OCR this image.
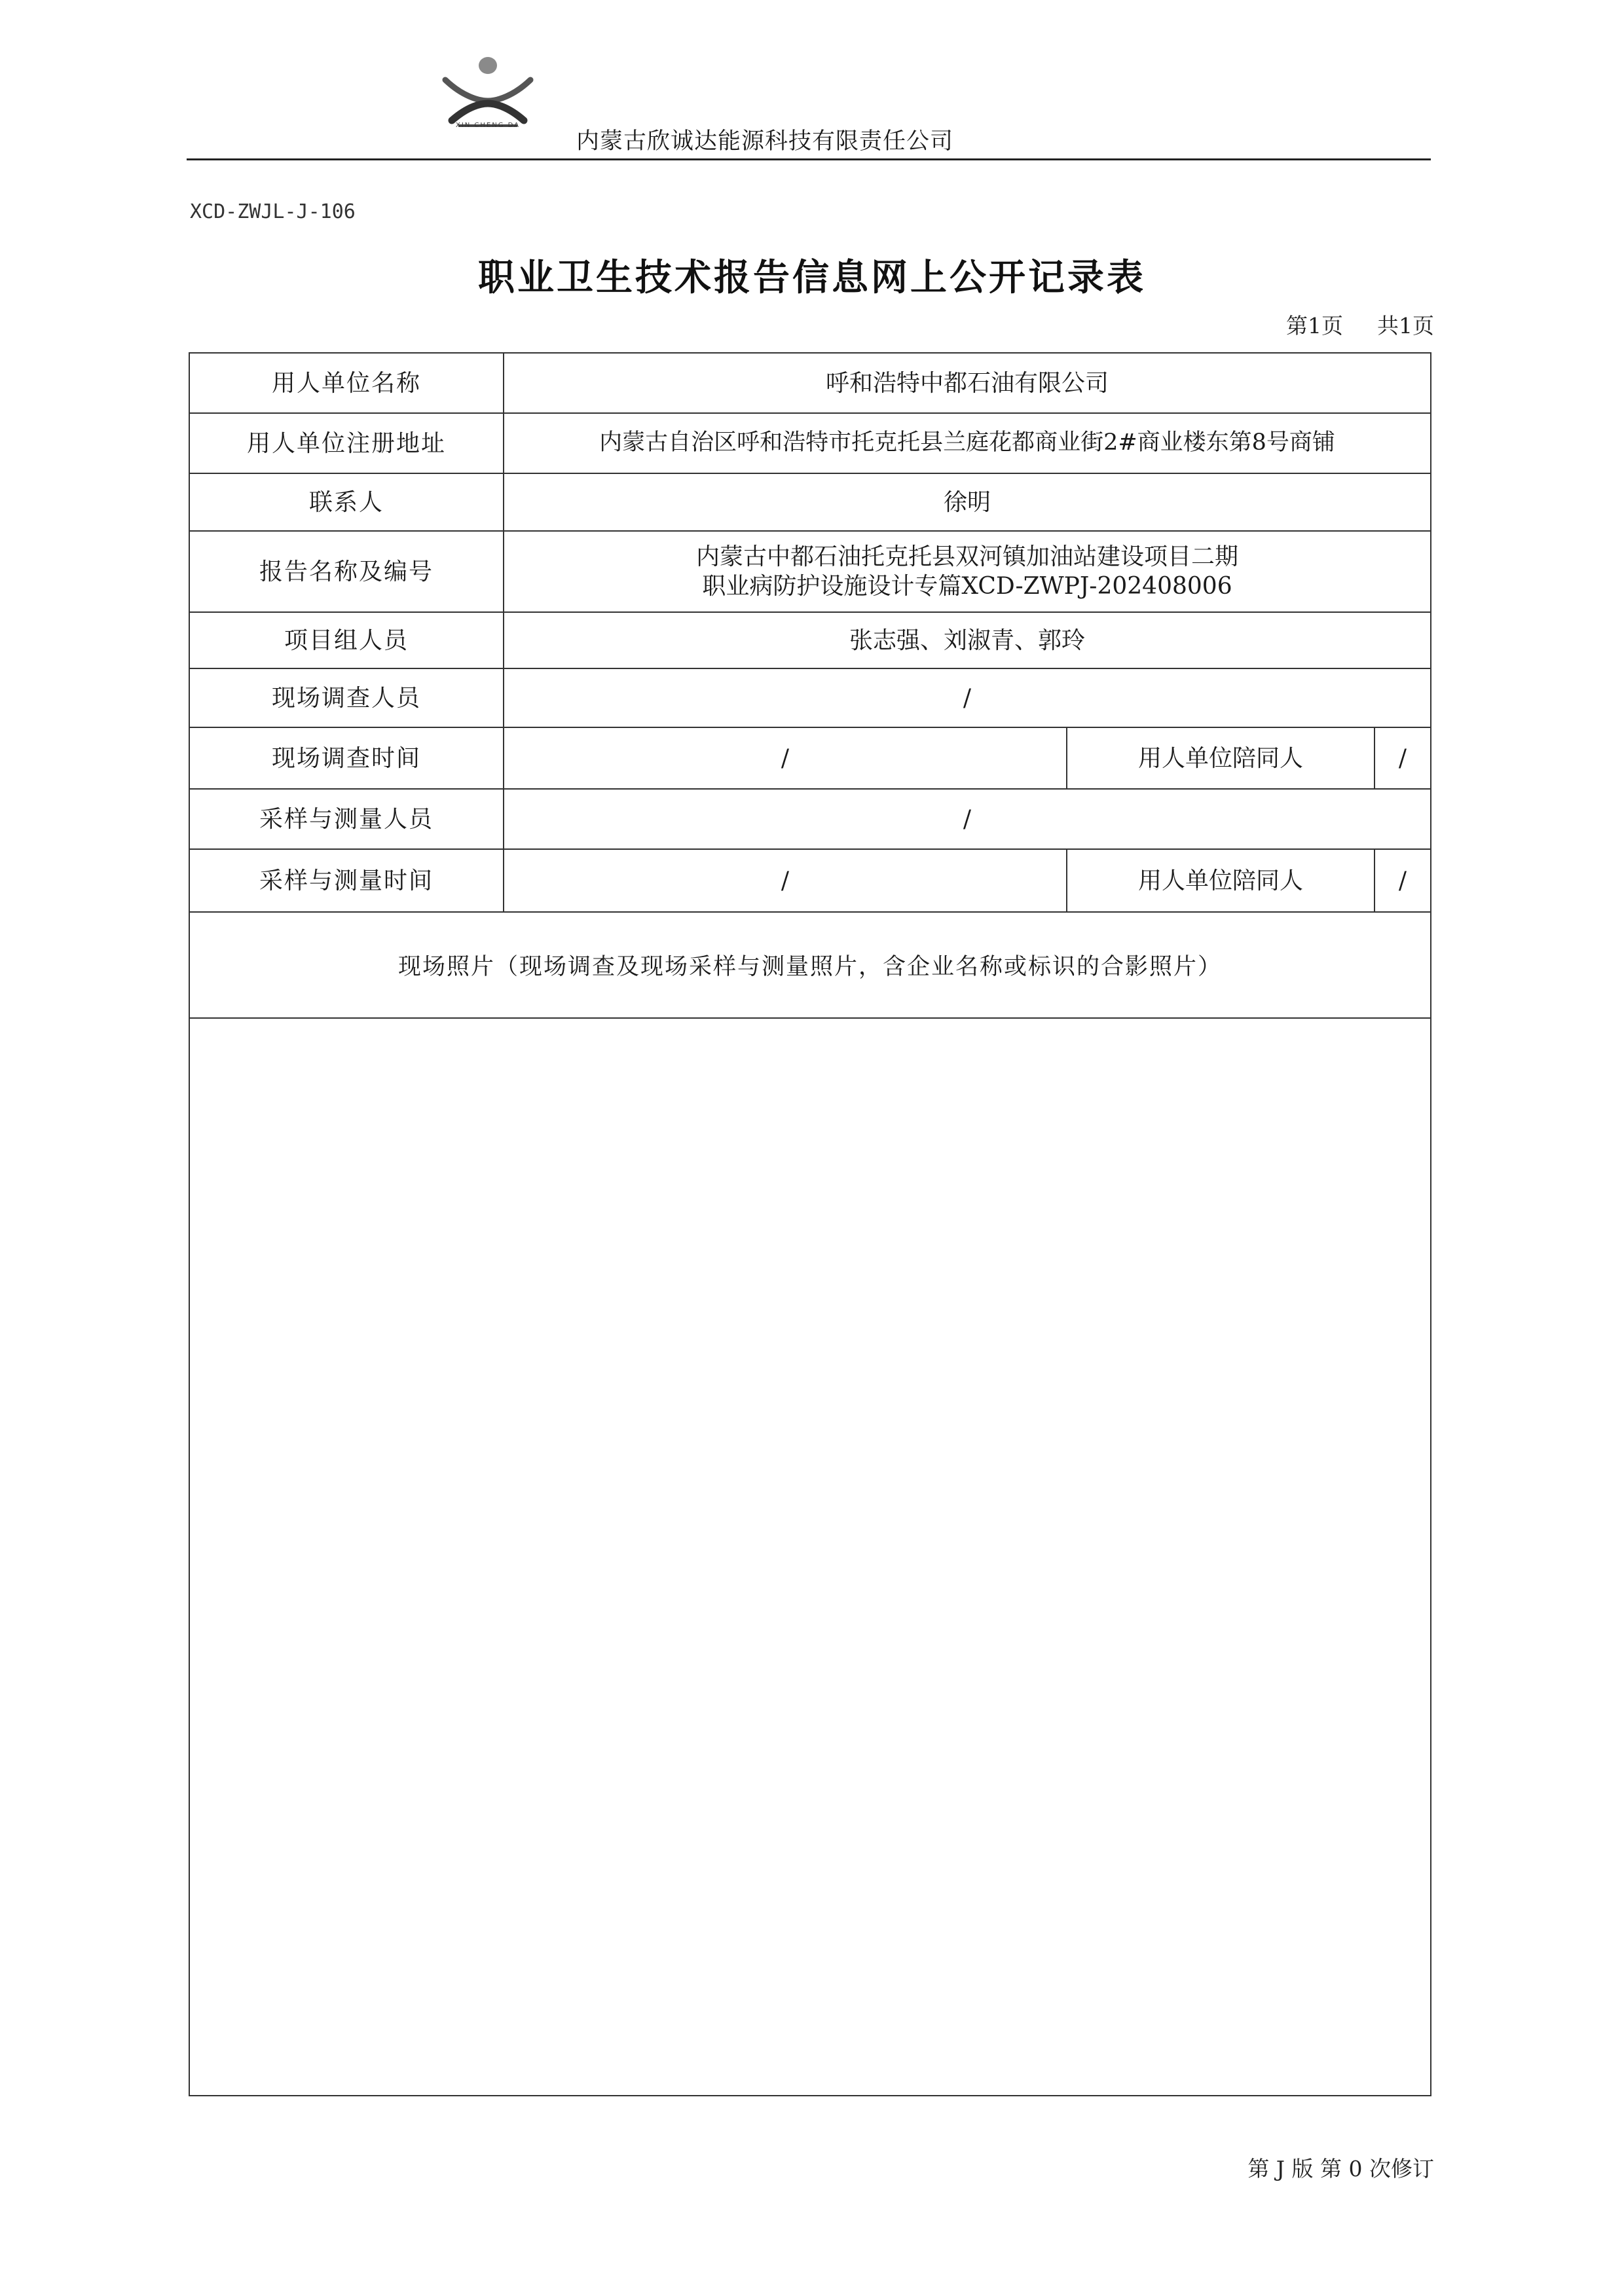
XIN CHENG DA
内蒙古欣诚达能源科技有限责任公司
XCD-ZWJL-J-106
职业卫生技术报告信息网上公开记录表
第1页 共1页
用人单位名称	呼和浩特中都石油有限公司
用人单位注册地址	内蒙古自治区呼和浩特市托克托县兰庭花都商业街2#商业楼东第8号商铺
联系人	徐明
报告名称及编号
内蒙古中都石油托克托县双河镇加油站建设项目二期
职业病防护设施设计专篇XCD-ZWPJ-202408006
项目组人员	张志强、刘淑青、郭玲
现场调查人员	/
现场调查时间	/	用人单位陪同人	/
采样与测量人员	/
采样与测量时间	/	用人单位陪同人	/
现场照片（现场调查及现场采样与测量照片，含企业名称或标识的合影照片）
第 J 版 第 0 次修订
